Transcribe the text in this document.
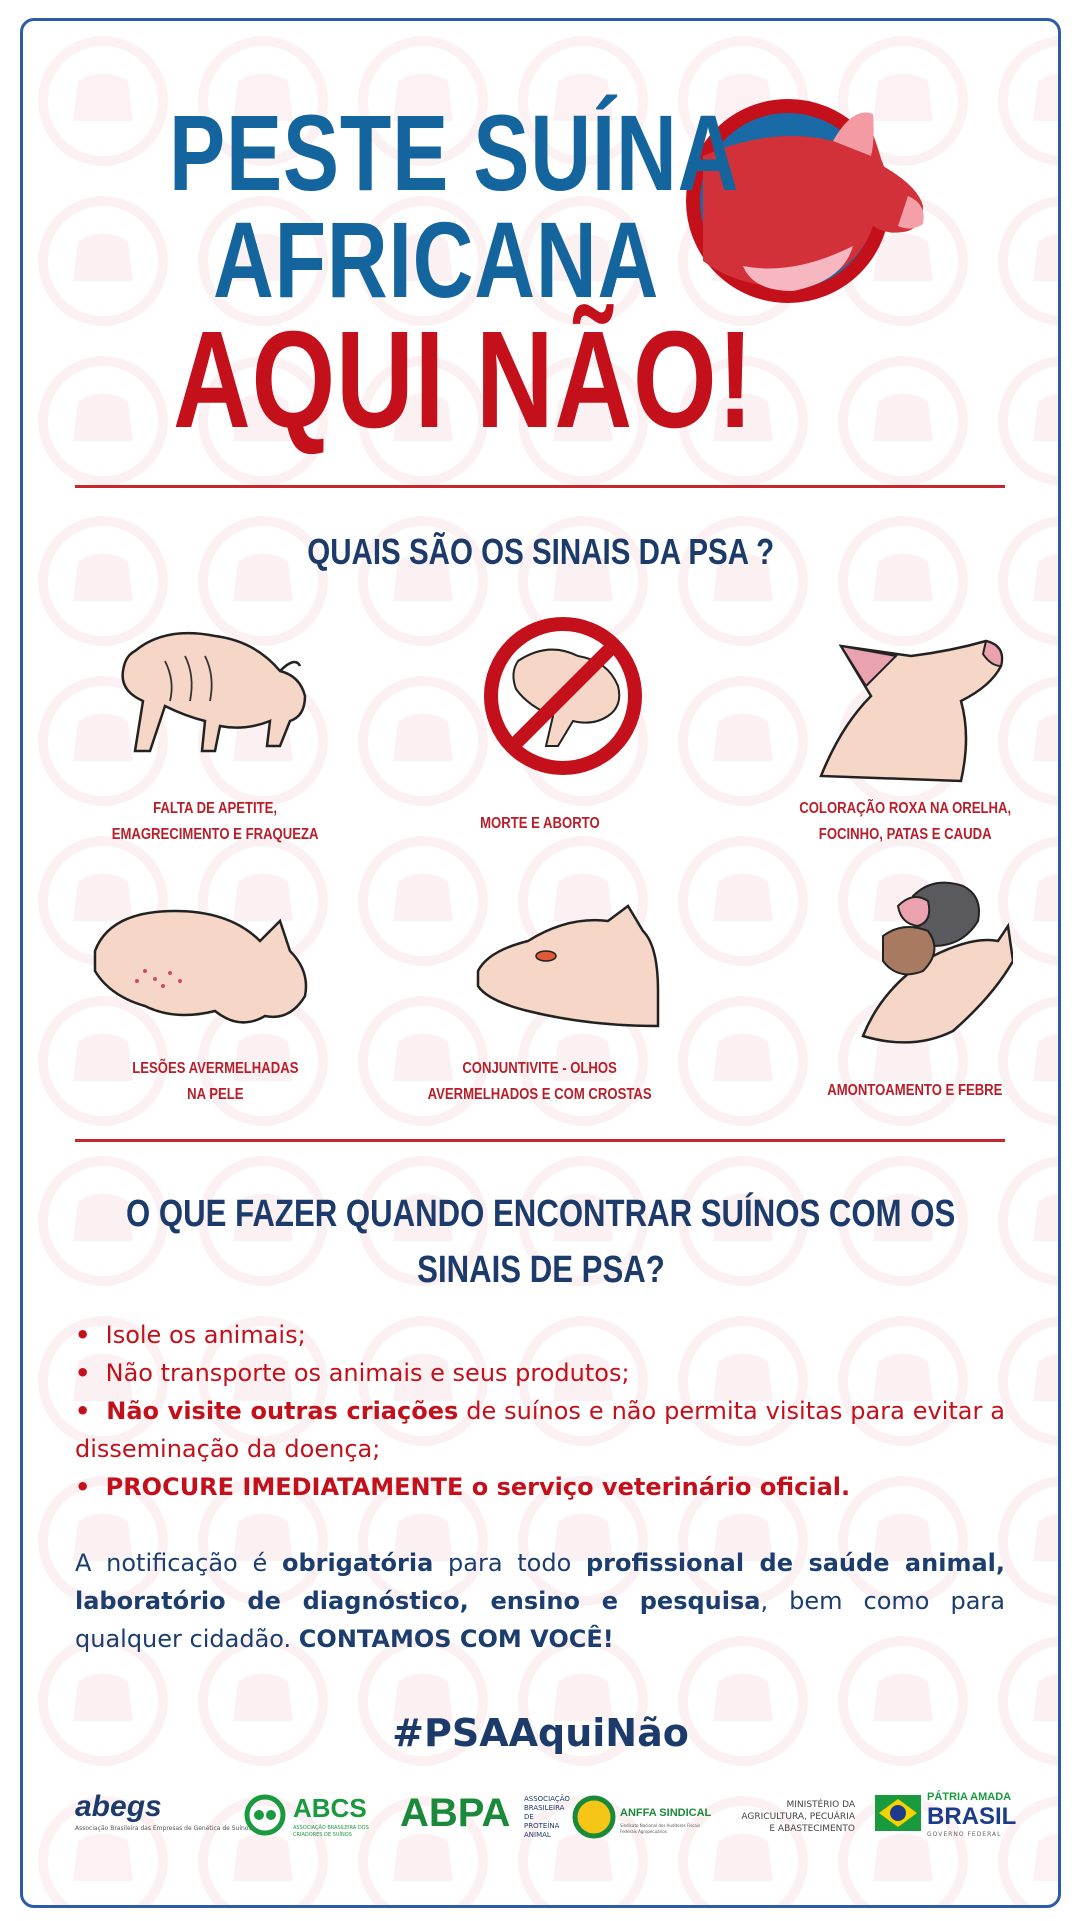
PESTE SUÍNA
AFRICANA
AQUI NÃO!
QUAIS SÃO OS SINAIS DA PSA ?
FALTA DE APETITE,
EMAGRECIMENTO E FRAQUEZA
MORTE E ABORTO
COLORAÇÃO ROXA NA ORELHA,
FOCINHO, PATAS E CAUDA
LESÕES AVERMELHADAS
NA PELE
CONJUNTIVITE - OLHOS
AVERMELHADOS E COM CROSTAS	AMONTOAMENTO E FEBRE
O QUE FAZER QUANDO ENCONTRAR SUÍNOS COM OS
SINAIS DE PSA?

• Isole os animais;

• Não transporte os animais e seus produtos;

• Não visite outras criações de suínos e não permita visitas para evitar a disseminação da doença;

• PROCURE IMEDIATAMENTE o serviço veterinário oficial.

A notificação é obrigatória para todo profissional de saúde animal, laboratório de diagnóstico, ensino e pesquisa, bem como para qualquer cidadão. CONTAMOS COM VOCÊ!
#PSAAquiNão
abegs
Associação Brasileira das Empresas de Genética de Suínos
ABCS
ASSOCIAÇÃO BRASILEIRA DOS CRIADORES DE SUÍNOS	ABPA ASSOCIAÇÃO
BRASILEIRA
DE PROTEÍNA
ANIMAL
ANFFA SINDICAL
Sindicato Nacional dos Auditores Fiscais Federais Agropecuários
MINISTÉRIO DA
AGRICULTURA, PECUÁRIA
E ABASTECIMENTO
PÁTRIA AMADA
BRASIL
GOVERNO FEDERAL
